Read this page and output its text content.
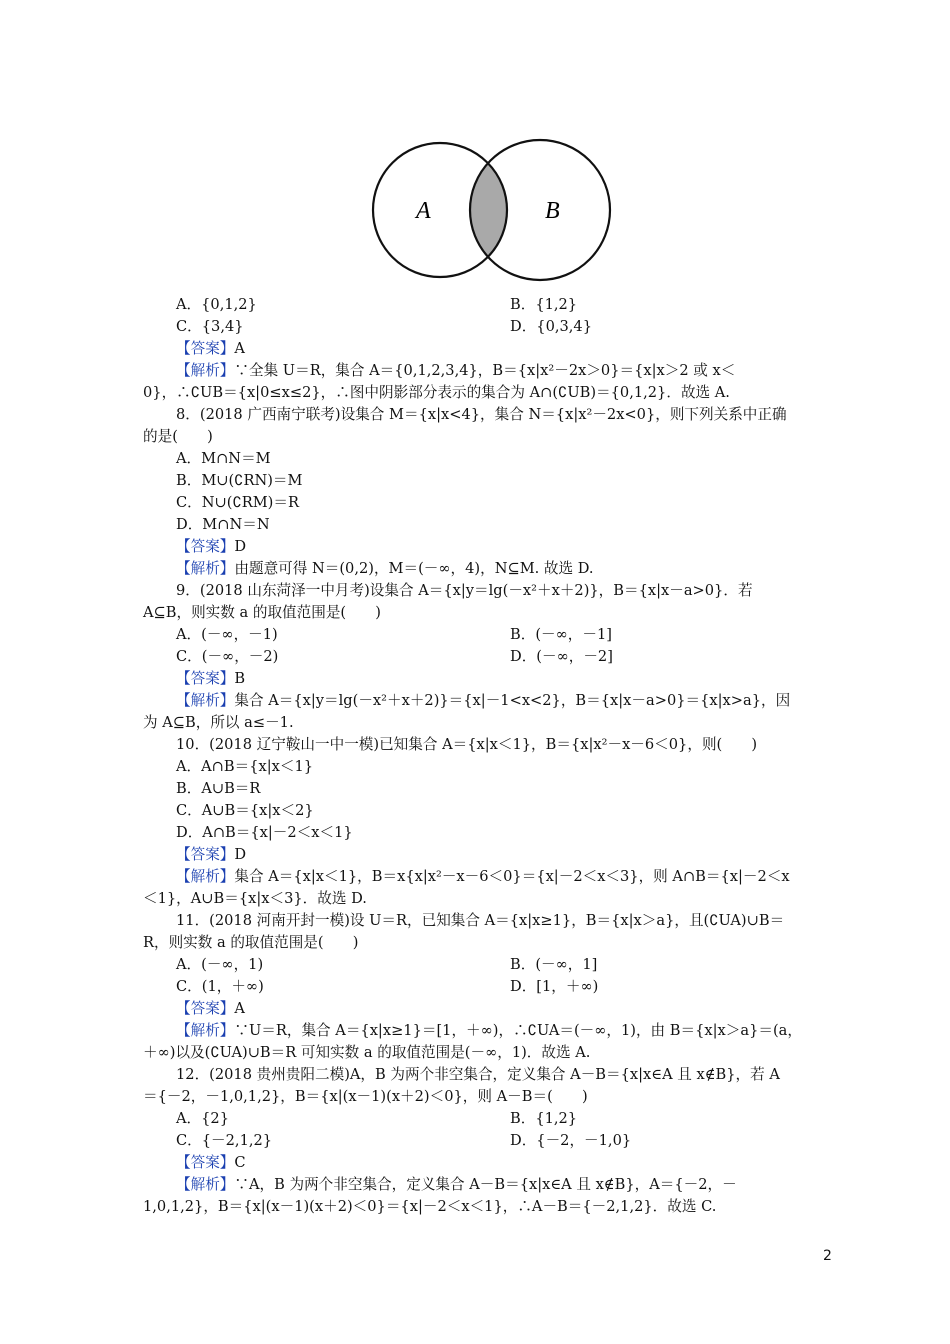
A	B
A．{0,1,2}	B．{1,2}
C．{3,4}	D．{0,3,4}
【答案】A
【解析】∵全集 U＝R，集合 A＝{0,1,2,3,4}，B＝{x|x²－2x＞0}＝{x|x＞2 或 x＜
0}，∴∁UB＝{x|0≤x≤2}，∴图中阴影部分表示的集合为 A∩(∁UB)＝{0,1,2}．故选 A.
8．(2018 广西南宁联考)设集合 M＝{x|x<4}，集合 N＝{x|x²－2x<0}，则下列关系中正确
的是(　　)
A．M∩N＝M
B．M∪(∁RN)＝M
C．N∪(∁RM)＝R
D．M∩N＝N
【答案】D
【解析】由题意可得 N＝(0,2)，M＝(－∞，4)，N⊆M. 故选 D.
9．(2018 山东菏泽一中月考)设集合 A＝{x|y＝lg(－x²＋x＋2)}，B＝{x|x－a>0}．若
A⊆B，则实数 a 的取值范围是(　　)
A．(－∞，－1)	B．(－∞，－1]
C．(－∞，－2)	D．(－∞，－2]
【答案】B
【解析】集合 A＝{x|y＝lg(－x²＋x＋2)}＝{x|－1<x<2}，B＝{x|x－a>0}＝{x|x>a}，因
为 A⊆B，所以 a≤－1.
10．(2018 辽宁鞍山一中一模)已知集合 A＝{x|x＜1}，B＝{x|x²－x－6＜0}，则(　　)
A．A∩B＝{x|x＜1}
B．A∪B＝R
C．A∪B＝{x|x＜2}
D．A∩B＝{x|－2＜x＜1}
【答案】D
【解析】集合 A＝{x|x＜1}，B＝x{x|x²－x－6＜0}＝{x|－2＜x＜3}，则 A∩B＝{x|－2＜x
＜1}，A∪B＝{x|x＜3}．故选 D.
11．(2018 河南开封一模)设 U＝R，已知集合 A＝{x|x≥1}，B＝{x|x＞a}，且(∁UA)∪B＝
R，则实数 a 的取值范围是(　　)
A．(－∞，1)	B．(－∞，1]
C．(1，＋∞)	D．[1，＋∞)
【答案】A
【解析】∵U＝R，集合 A＝{x|x≥1}＝[1，＋∞)，∴∁UA＝(－∞，1)，由 B＝{x|x＞a}＝(a，
＋∞)以及(∁UA)∪B＝R 可知实数 a 的取值范围是(－∞，1)．故选 A.
12．(2018 贵州贵阳二模)A，B 为两个非空集合，定义集合 A－B＝{x|x∈A 且 x∉B}，若 A
＝{－2，－1,0,1,2}，B＝{x|(x－1)(x＋2)＜0}，则 A－B＝(　　)
A．{2}	B．{1,2}
C．{－2,1,2}	D．{－2，－1,0}
【答案】C
【解析】∵A，B 为两个非空集合，定义集合 A－B＝{x|x∈A 且 x∉B}，A＝{－2，－
1,0,1,2}，B＝{x|(x－1)(x＋2)＜0}＝{x|－2＜x＜1}，∴A－B＝{－2,1,2}．故选 C.
2
